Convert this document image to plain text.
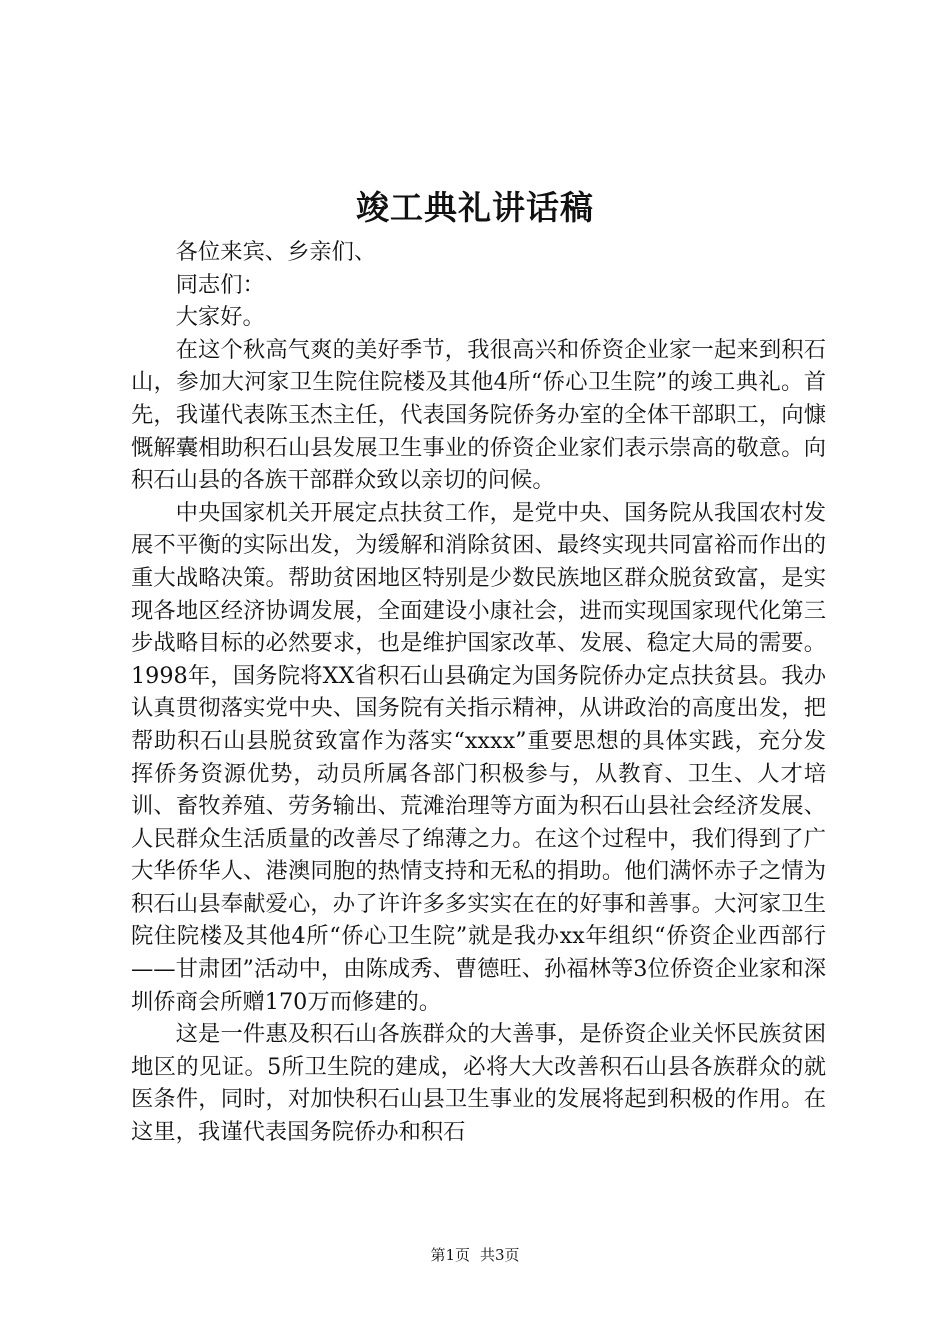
竣工典礼讲话稿

各位来宾、乡亲们、

同志们：

大家好。

在这个秋高气爽的美好季节，我很高兴和侨资企业家一起来到积石山，参加大河家卫生院住院楼及其他4所“侨心卫生院”的竣工典礼。首先，我谨代表陈玉杰主任，代表国务院侨务办室的全体干部职工，向慷慨解囊相助积石山县发展卫生事业的侨资企业家们表示崇高的敬意。向积石山县的各族干部群众致以亲切的问候。

中央国家机关开展定点扶贫工作，是党中央、国务院从我国农村发展不平衡的实际出发，为缓解和消除贫困、最终实现共同富裕而作出的重大战略决策。帮助贫困地区特别是少数民族地区群众脱贫致富，是实现各地区经济协调发展，全面建设小康社会，进而实现国家现代化第三步战略目标的必然要求，也是维护国家改革、发展、稳定大局的需要。1998年，国务院将XX省积石山县确定为国务院侨办定点扶贫县。我办认真贯彻落实党中央、国务院有关指示精神，从讲政治的高度出发，把帮助积石山县脱贫致富作为落实“xxxx”重要思想的具体实践，充分发挥侨务资源优势，动员所属各部门积极参与，从教育、卫生、人才培训、畜牧养殖、劳务输出、荒滩治理等方面为积石山县社会经济发展、人民群众生活质量的改善尽了绵薄之力。在这个过程中，我们得到了广大华侨华人、港澳同胞的热情支持和无私的捐助。他们满怀赤子之情为积石山县奉献爱心，办了许许多多实实在在的好事和善事。大河家卫生院住院楼及其他4所“侨心卫生院”就是我办xx年组织“侨资企业西部行——甘肃团”活动中，由陈成秀、曹德旺、孙福林等3位侨资企业家和深圳侨商会所赠170万而修建的。

这是一件惠及积石山各族群众的大善事，是侨资企业关怀民族贫困地区的见证。5所卫生院的建成，必将大大改善积石山县各族群众的就医条件，同时，对加快积石山县卫生事业的发展将起到积极的作用。在这里，我谨代表国务院侨办和积石

第1页 共3页
